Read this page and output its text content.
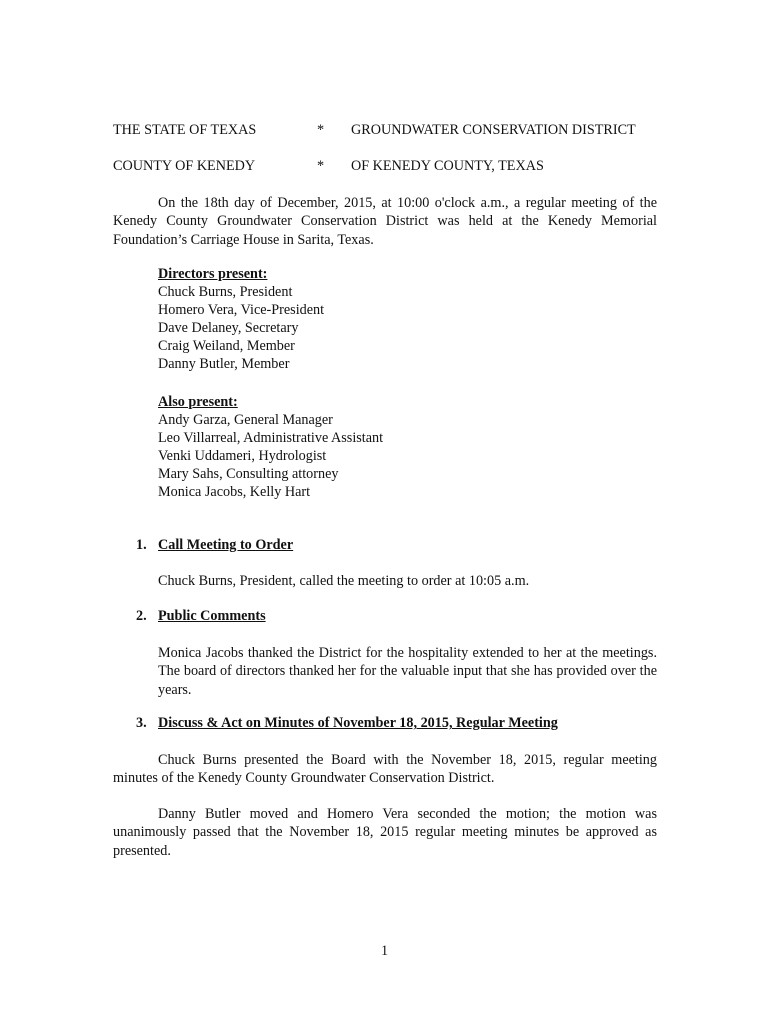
THE STATE OF TEXAS	* GROUNDWATER CONSERVATION DISTRICT
COUNTY OF KENEDY	* OF KENEDY COUNTY, TEXAS
On the 18th day of December, 2015, at 10:00 o'clock a.m., a regular meeting of the Kenedy County Groundwater Conservation District was held at the Kenedy Memorial Foundation’s Carriage House in Sarita, Texas.
Directors present:
Chuck Burns, President
Homero Vera, Vice-President
Dave Delaney, Secretary
Craig Weiland, Member
Danny Butler, Member
Also present:
Andy Garza, General Manager
Leo Villarreal, Administrative Assistant
Venki Uddameri, Hydrologist
Mary Sahs, Consulting attorney
Monica Jacobs, Kelly Hart
1. Call Meeting to Order
Chuck Burns, President, called the meeting to order at 10:05 a.m.
2. Public Comments
Monica Jacobs thanked the District for the hospitality extended to her at the meetings. The board of directors thanked her for the valuable input that she has provided over the years.
3. Discuss & Act on Minutes of November 18, 2015, Regular Meeting
Chuck Burns presented the Board with the November 18, 2015, regular meeting minutes of the Kenedy County Groundwater Conservation District.
Danny Butler moved and Homero Vera seconded the motion; the motion was unanimously passed that the November 18, 2015 regular meeting minutes be approved as presented.
1
